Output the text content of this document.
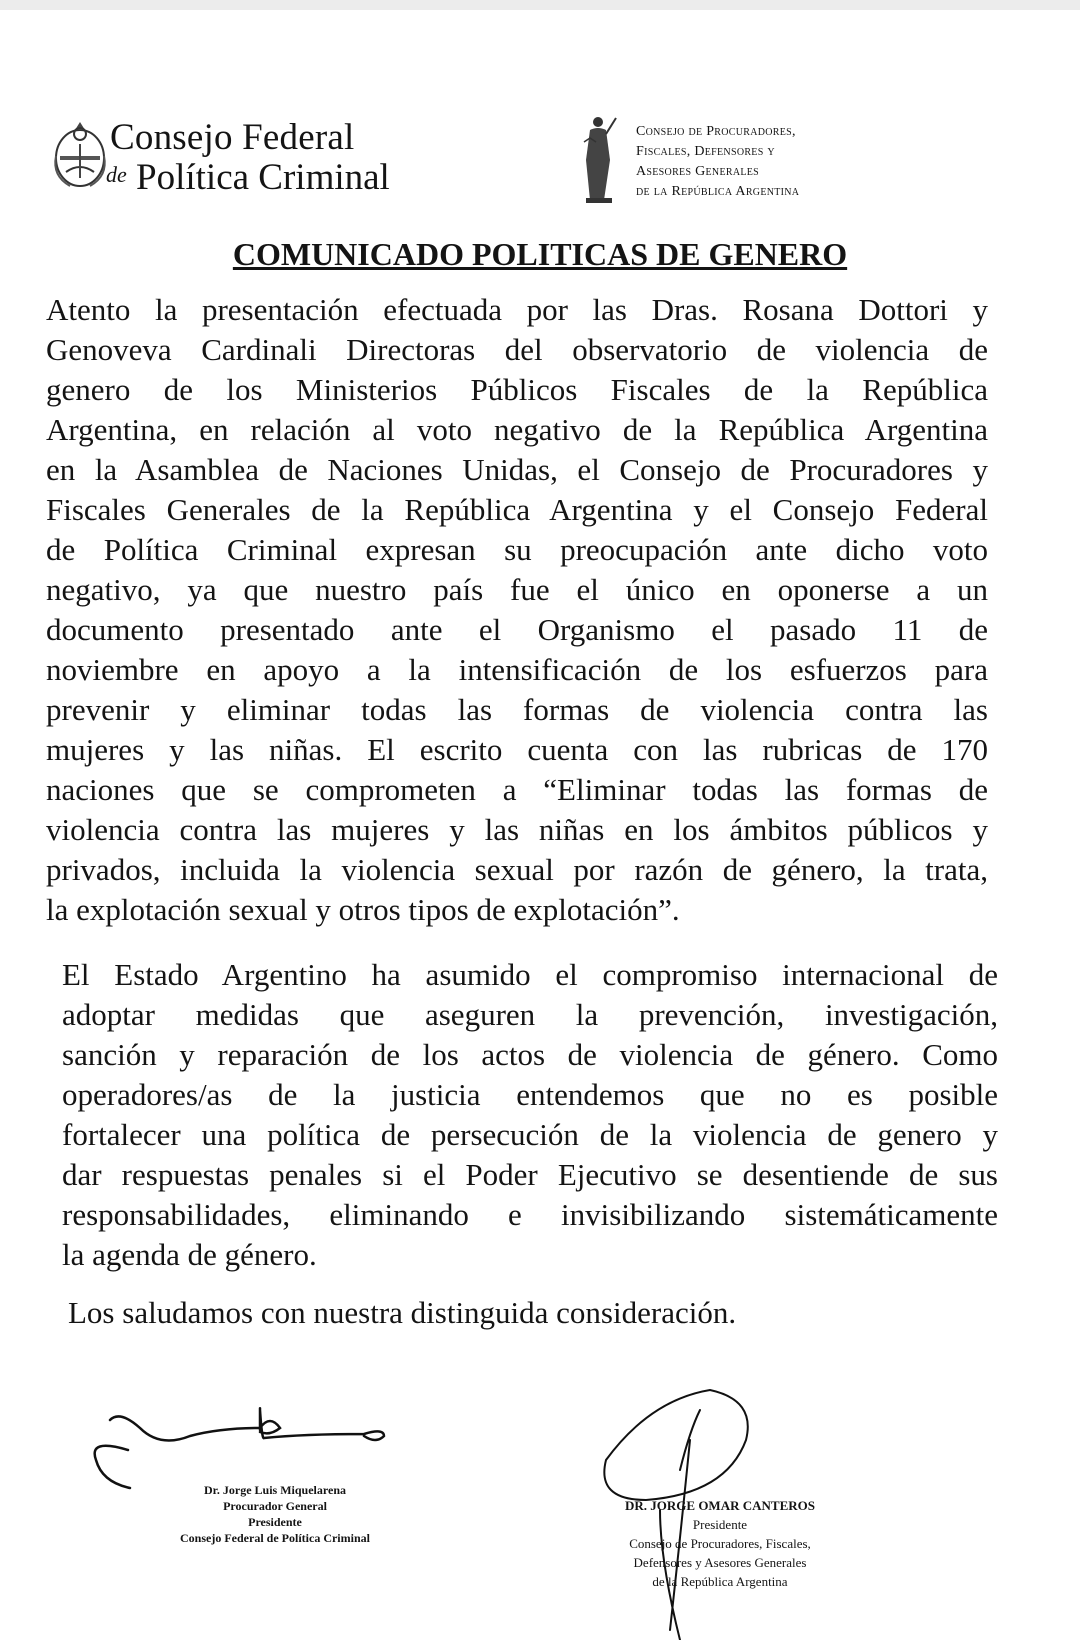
Consejo Federal
de Política Criminal
Consejo de Procuradores,
Fiscales, Defensores y
Asesores Generales
de la República Argentina
COMUNICADO POLITICAS DE GENERO
Atento la presentación efectuada por las Dras. Rosana Dottori y
Genoveva Cardinali Directoras del observatorio de violencia de
genero de los Ministerios Públicos Fiscales de la República
Argentina, en relación al voto negativo de la República Argentina
en la Asamblea de Naciones Unidas, el Consejo de Procuradores y
Fiscales Generales de la República Argentina y el Consejo Federal
de Política Criminal expresan su preocupación ante dicho voto
negativo, ya que nuestro país fue el único en oponerse a un
documento presentado ante el Organismo el pasado 11 de
noviembre en apoyo a la intensificación de los esfuerzos para
prevenir y eliminar todas las formas de violencia contra las
mujeres y las niñas. El escrito cuenta con las rubricas de 170
naciones que se comprometen a “Eliminar todas las formas de
violencia contra las mujeres y las niñas en los ámbitos públicos y
privados, incluida la violencia sexual por razón de género, la trata,
la explotación sexual y otros tipos de explotación”.
El Estado Argentino ha asumido el compromiso internacional de
adoptar medidas que aseguren la prevención, investigación,
sanción y reparación de los actos de violencia de género. Como
operadores/as de la justicia entendemos que no es posible
fortalecer una política de persecución de la violencia de genero y
dar respuestas penales si el Poder Ejecutivo se desentiende de sus
responsabilidades, eliminando e invisibilizando sistemáticamente
la agenda de género.
Los saludamos con nuestra distinguida consideración.
Dr. Jorge Luis Miquelarena
Procurador General
Presidente
Consejo Federal de Política Criminal
DR. JORGE OMAR CANTEROS
Presidente
Consejo de Procuradores, Fiscales,
Defensores y Asesores Generales
de la República Argentina
